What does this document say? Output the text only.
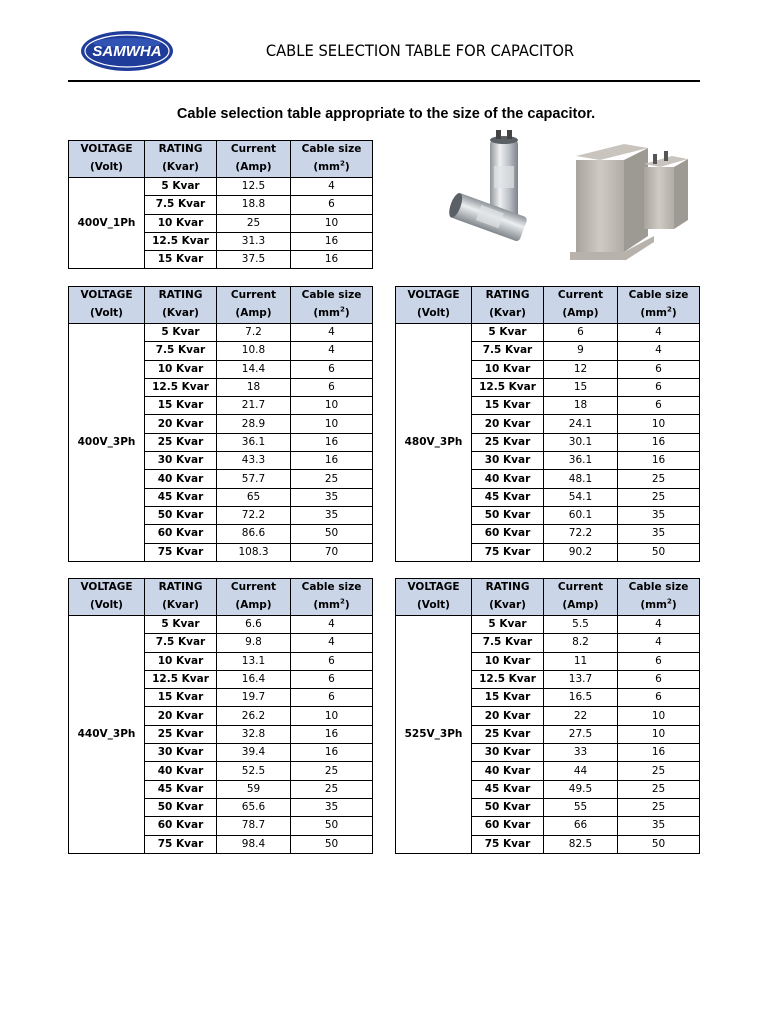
SAMWHA	CABLE SELECTION TABLE FOR CAPACITOR
Cable selection table appropriate to the size of the capacitor.
VOLTAGE	RATING	Current	Cable size
(Volt)	(Kvar)	(Amp)	$(mm^2)$
400V_1Ph	5 Kvar	12.5	4
	7.5 Kvar	18.8	6
	10 Kvar	25	10
	12.5 Kvar	31.3	16
	15 Kvar	37.5	16
VOLTAGE	RATING	Current	Cable size
(Volt)	(Kvar)	(Amp)	$(mm^2)$
400V_3Ph	5 Kvar	7.2	4
	7.5 Kvar	10.8	4
	10 Kvar	14.4	6
	12.5 Kvar	18	6
	15 Kvar	21.7	10
	20 Kvar	28.9	10
	25 Kvar	36.1	16
	30 Kvar	43.3	16
	40 Kvar	57.7	25
	45 Kvar	65	35
	50 Kvar	72.2	35
	60 Kvar	86.6	50
	75 Kvar	108.3	70
VOLTAGE	RATING	Current	Cable size
(Volt)	(Kvar)	(Amp)	$(mm^2)$
480V_3Ph	5 Kvar	6	4
	7.5 Kvar	9	4
	10 Kvar	12	6
	12.5 Kvar	15	6
	15 Kvar	18	6
	20 Kvar	24.1	10
	25 Kvar	30.1	16
	30 Kvar	36.1	16
	40 Kvar	48.1	25
	45 Kvar	54.1	25
	50 Kvar	60.1	35
	60 Kvar	72.2	35
	75 Kvar	90.2	50
VOLTAGE	RATING	Current	Cable size
(Volt)	(Kvar)	(Amp)	$(mm^2)$
440V_3Ph	5 Kvar	6.6	4
	7.5 Kvar	9.8	4
	10 Kvar	13.1	6
	12.5 Kvar	16.4	6
	15 Kvar	19.7	6
	20 Kvar	26.2	10
	25 Kvar	32.8	16
	30 Kvar	39.4	16
	40 Kvar	52.5	25
	45 Kvar	59	25
	50 Kvar	65.6	35
	60 Kvar	78.7	50
	75 Kvar	98.4	50
VOLTAGE	RATING	Current	Cable size
(Volt)	(Kvar)	(Amp)	$(mm^2)$
525V_3Ph	5 Kvar	5.5	4
	7.5 Kvar	8.2	4
	10 Kvar	11	6
	12.5 Kvar	13.7	6
	15 Kvar	16.5	6
	20 Kvar	22	10
	25 Kvar	27.5	10
	30 Kvar	33	16
	40 Kvar	44	25
	45 Kvar	49.5	25
	50 Kvar	55	25
	60 Kvar	66	35
	75 Kvar	82.5	50
